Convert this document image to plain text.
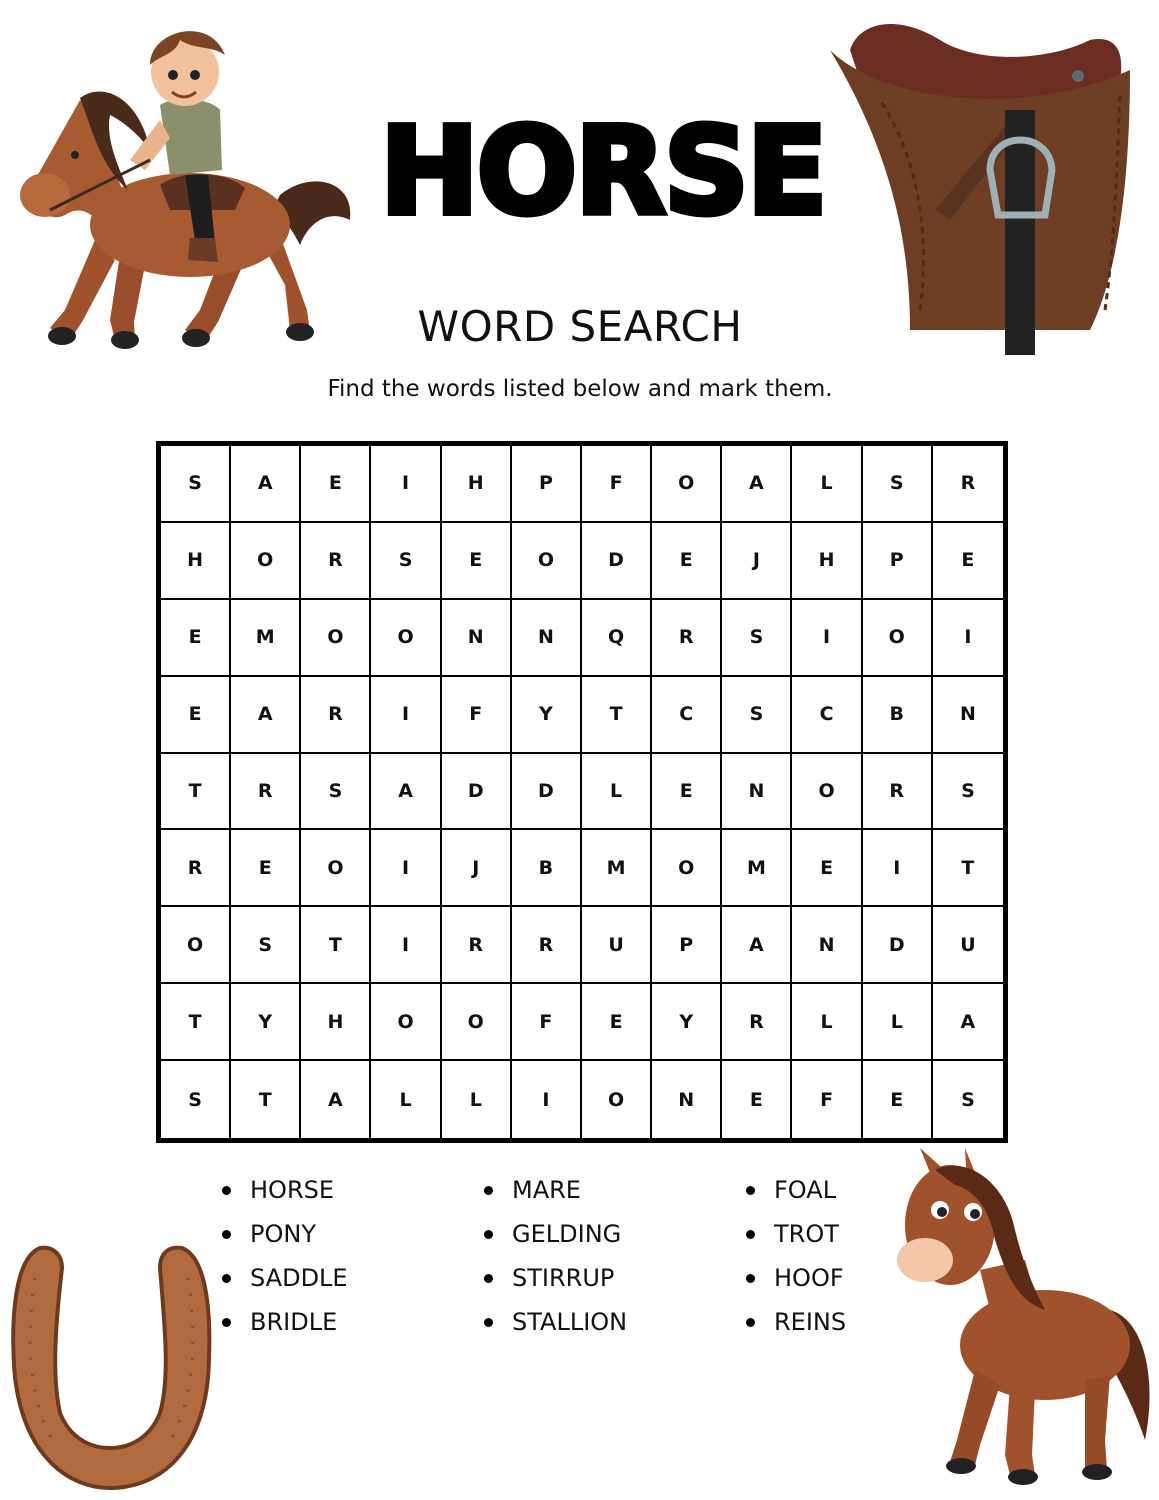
HORSE
WORD SEARCH
Find the words listed below and mark them.
S	A	E	I	H	P	F	O	A	L	S	R
H	O	R	S	E	O	D	E	J	H	P	E
E	M	O	O	N	N	Q	R	S	I	O	I
E	A	R	I	F	Y	T	C	S	C	B	N
T	R	S	A	D	D	L	E	N	O	R	S
R	E	O	I	J	B	M	O	M	E	I	T
O	S	T	I	R	R	U	P	A	N	D	U
T	Y	H	O	O	F	E	Y	R	L	L	A
S	T	A	L	L	I	O	N	E	F	E	S
HORSE
PONY
SADDLE
BRIDLE
MARE
GELDING
STIRRUP
STALLION
FOAL
TROT
HOOF
REINS
